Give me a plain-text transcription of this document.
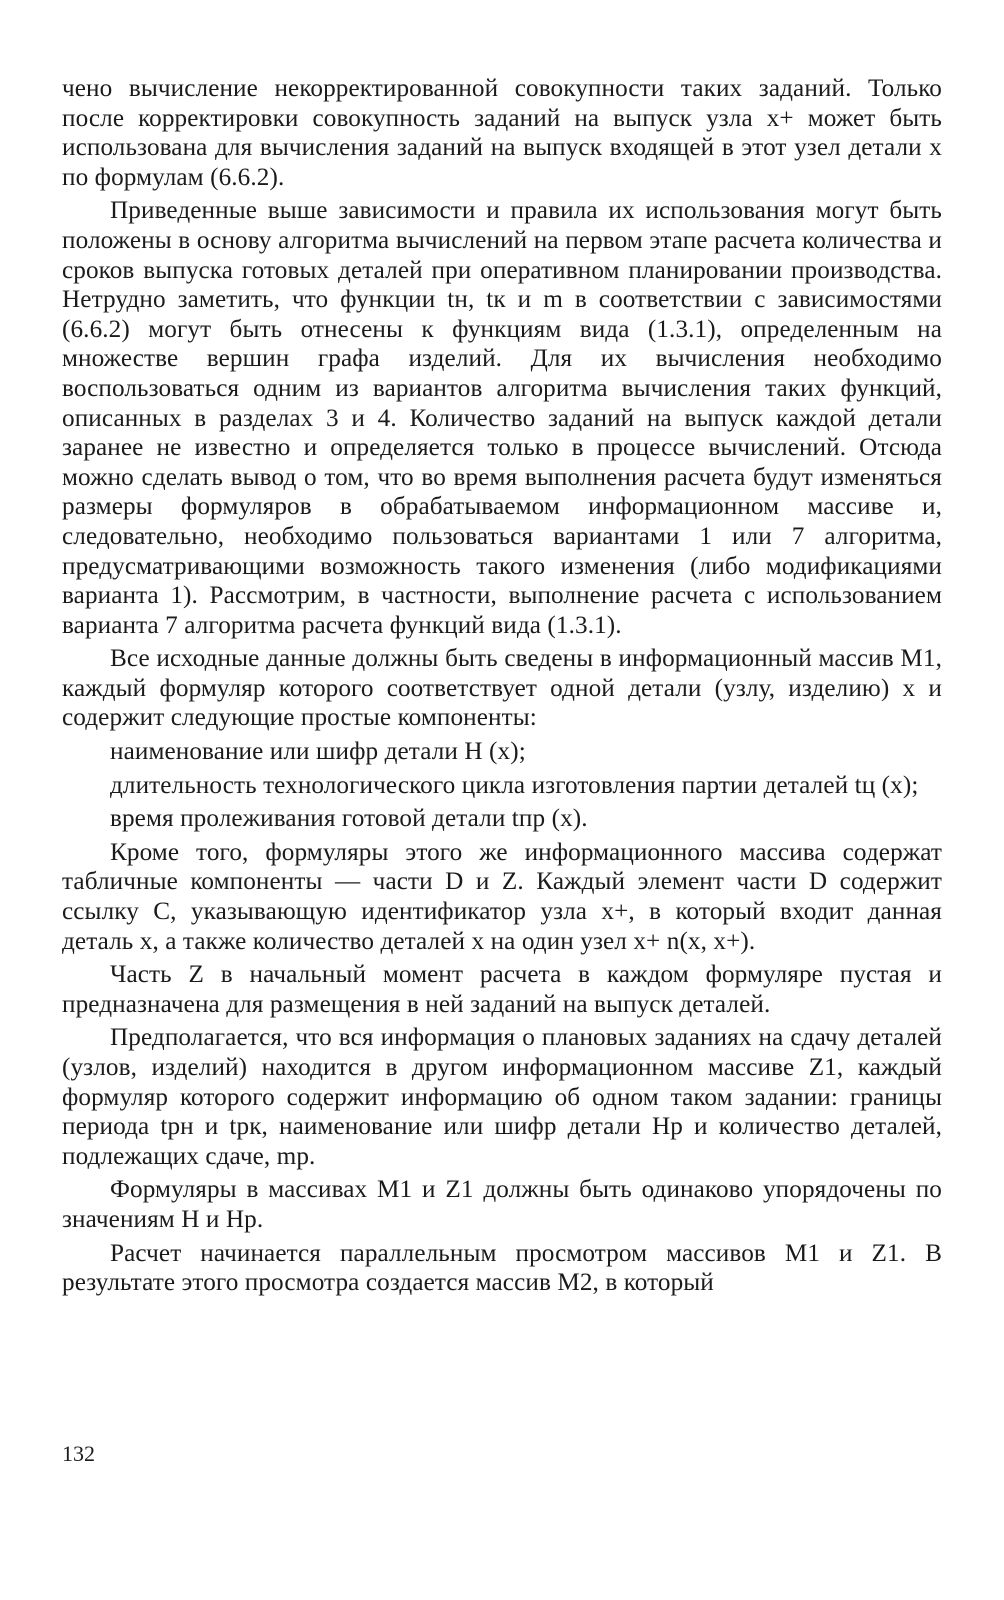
чено вычисление некорректированной совокупности таких заданий. Только после корректировки совокупность заданий на выпуск узла x+ может быть использована для вычисления заданий на выпуск входящей в этот узел детали x по формулам (6.6.2).

Приведенные выше зависимости и правила их использования могут быть положены в основу алгоритма вычислений на первом этапе расчета количества и сроков выпуска готовых деталей при оперативном планировании производства. Нетрудно заметить, что функции tн, tк и m в соответствии с зависимостями (6.6.2) могут быть отнесены к функциям вида (1.3.1), определенным на множестве вершин графа изделий. Для их вычисления необходимо воспользоваться одним из вариантов алгоритма вычисления таких функций, описанных в разделах 3 и 4. Количество заданий на выпуск каждой детали заранее не известно и определяется только в процессе вычислений. Отсюда можно сделать вывод о том, что во время выполнения расчета будут изменяться размеры формуляров в обрабатываемом информационном массиве и, следовательно, необходимо пользоваться вариантами 1 или 7 алгоритма, предусматривающими возможность такого изменения (либо модификациями варианта 1). Рассмотрим, в частности, выполнение расчета с использованием варианта 7 алгоритма расчета функций вида (1.3.1).

Все исходные данные должны быть сведены в информационный массив М1, каждый формуляр которого соответствует одной детали (узлу, изделию) x и содержит следующие простые компоненты:

наименование или шифр детали H (x);

длительность технологического цикла изготовления партии деталей tц (x);

время пролеживания готовой детали tпр (x).

Кроме того, формуляры этого же информационного массива содержат табличные компоненты — части D и Z. Каждый элемент части D содержит ссылку C, указывающую идентификатор узла x+, в который входит данная деталь x, а также количество деталей x на один узел x+ n(x, x+).

Часть Z в начальный момент расчета в каждом формуляре пустая и предназначена для размещения в ней заданий на выпуск деталей.

Предполагается, что вся информация о плановых заданиях на сдачу деталей (узлов, изделий) находится в другом информационном массиве Z1, каждый формуляр которого содержит информацию об одном таком задании: границы периода tpн и tpк, наименование или шифр детали Hp и количество деталей, подлежащих сдаче, mp.

Формуляры в массивах М1 и Z1 должны быть одинаково упорядочены по значениям H и Hp.

Расчет начинается параллельным просмотром массивов М1 и Z1. В результате этого просмотра создается массив М2, в который

132
